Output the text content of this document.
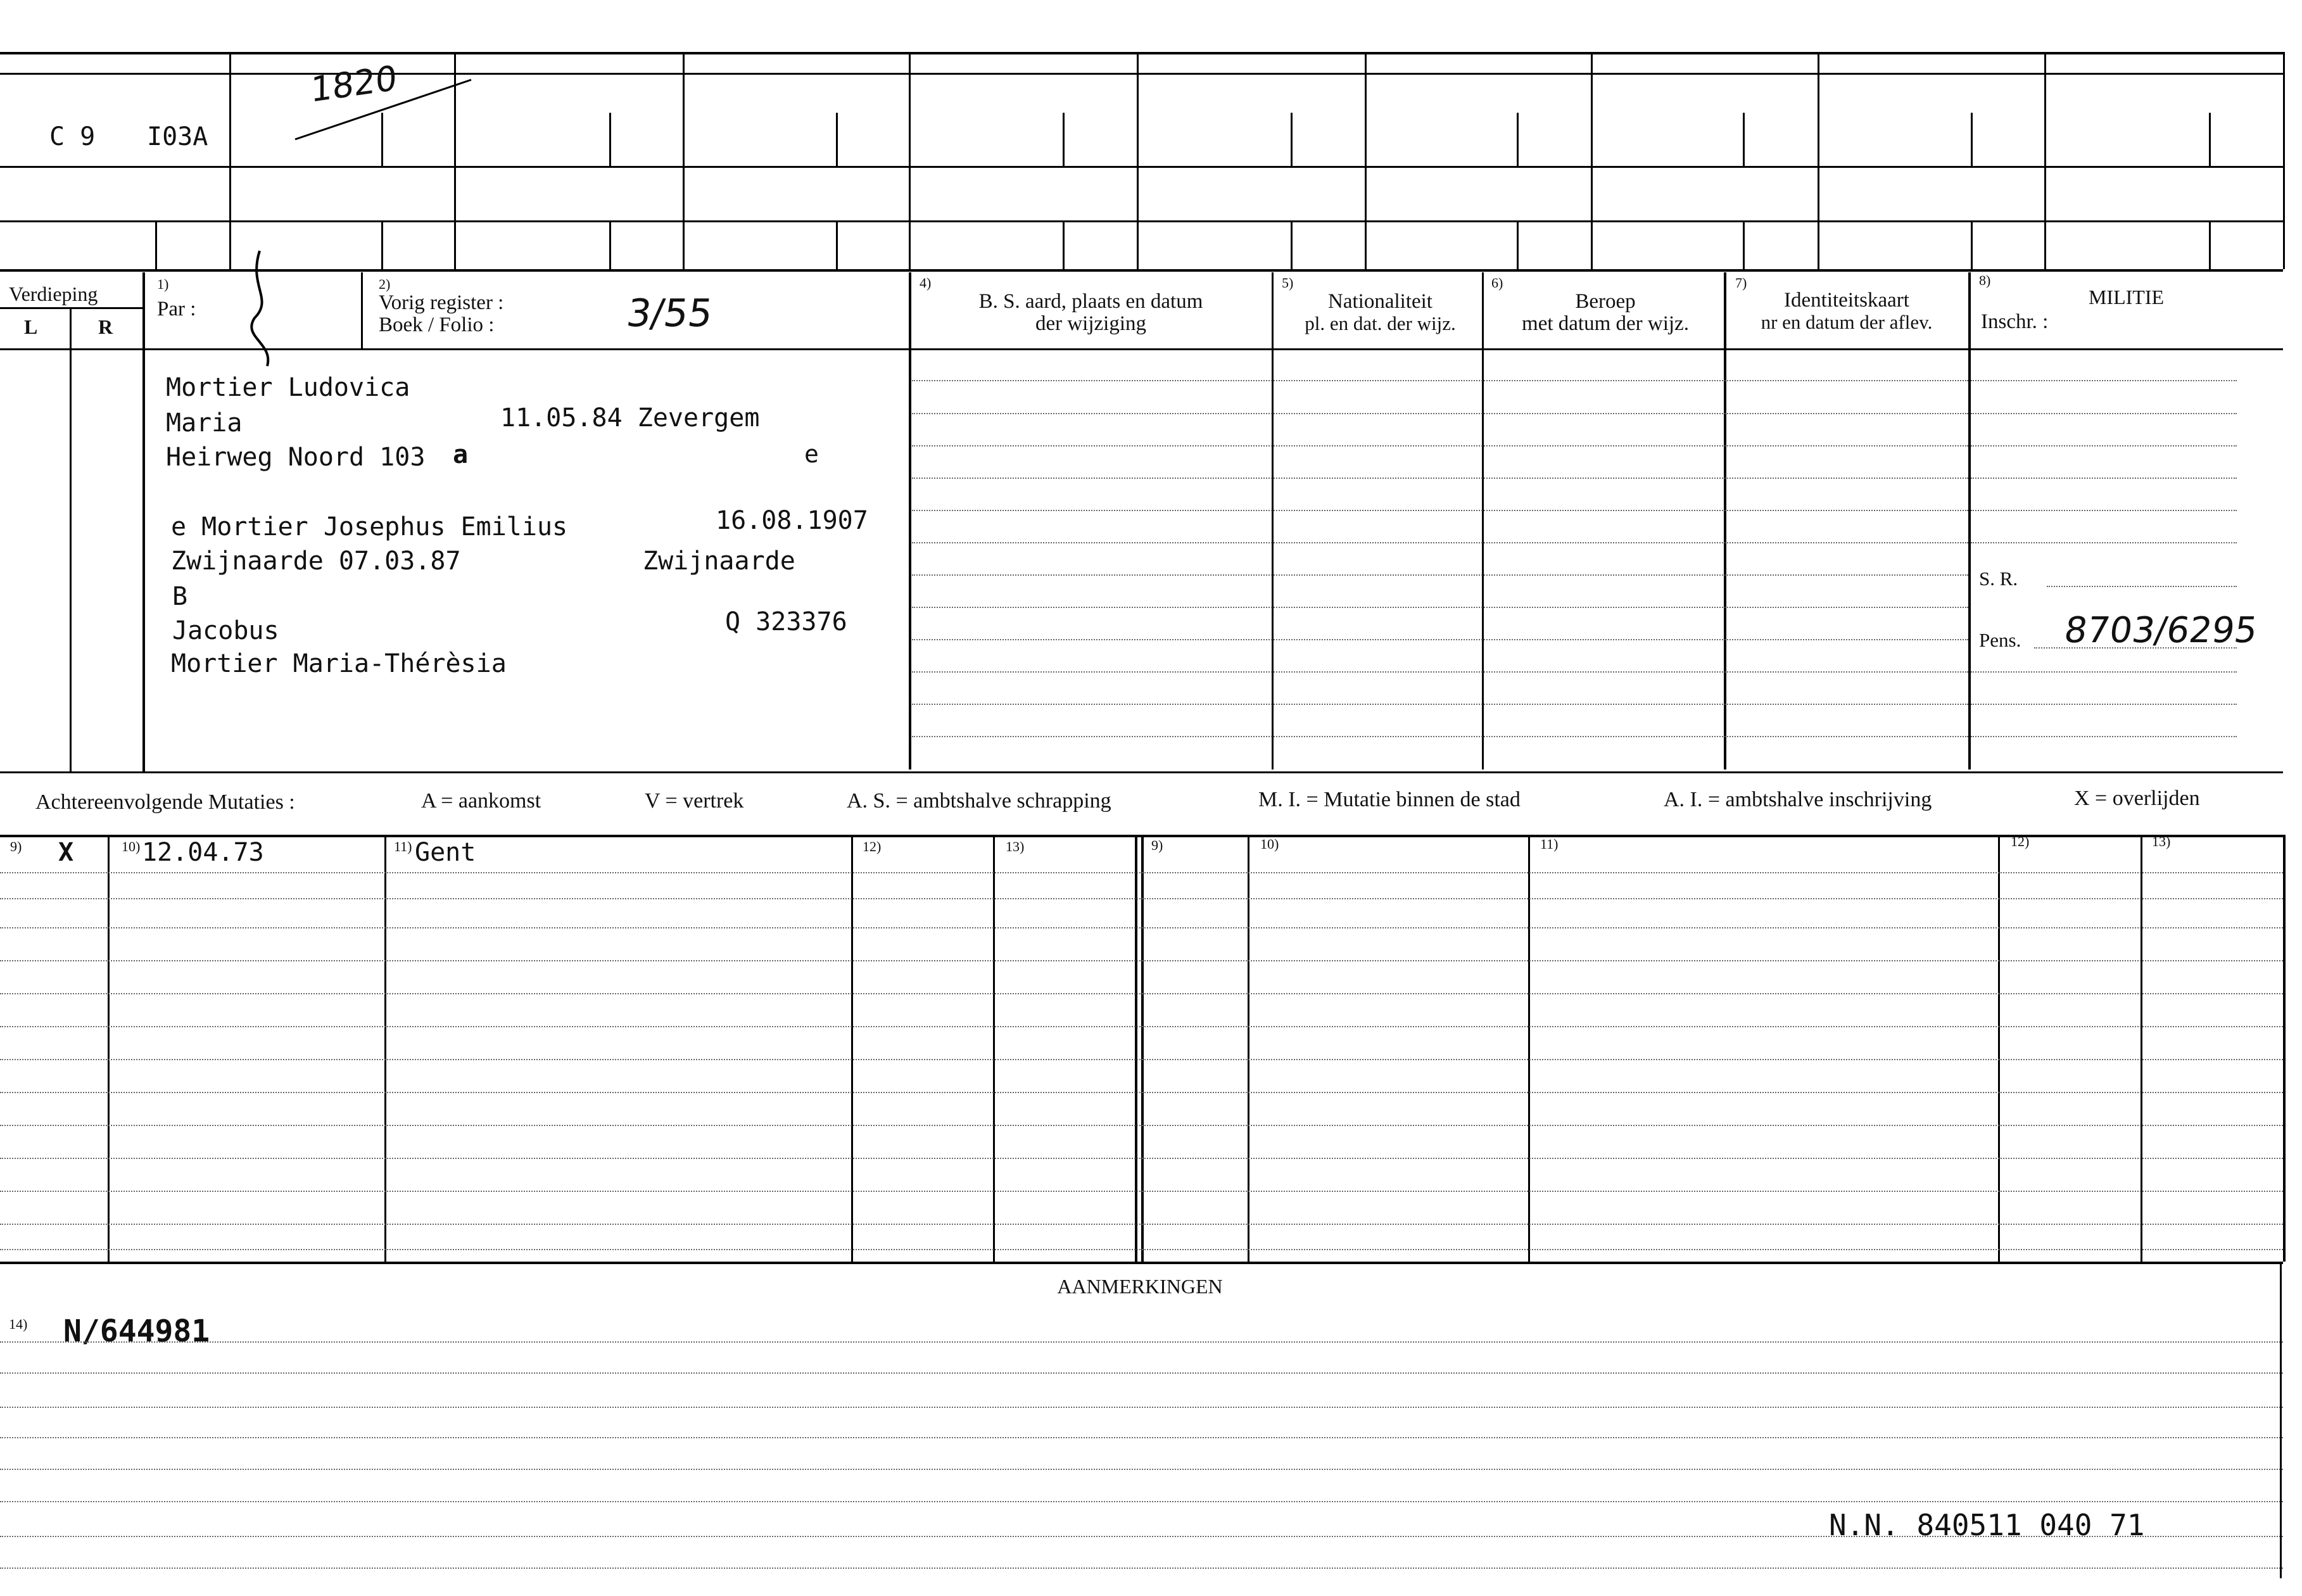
C 9 I03A
1820
Verdieping
L	R
1)
Par :
2)
Vorig register :
Boek / Folio :	3/55
4)
B. S. aard, plaats en datum
der wijziging
5)
Nationaliteit
pl. en dat. der wijz.
6)
Beroep
met datum der wijz.
7)
Identiteitskaart
nr en datum der aflev.
8)
MILITIE
Inschr. :
S. R.
Pens. 8703/6295
Mortier Ludovica
Maria	11.05.84 Zevergem
Heirweg Noord 103 a	e
e Mortier Josephus Emilius	16.08.1907
Zwijnaarde 07.03.87	Zwijnaarde
B
Jacobus	Q 323376
Mortier Maria-Thérèsia
Achtereenvolgende Mutaties :	A = aankomst	V = vertrek	A. S. = ambtshalve schrapping	M. I. = Mutatie binnen de stad	A. I. = ambtshalve inschrijving	X = overlijden
9)	10)	11)	12)	13)	9)	10)	11)	12)	13)
X	12.04.73	Gent
AANMERKINGEN
14) N/644981
N.N. 840511 040 71
